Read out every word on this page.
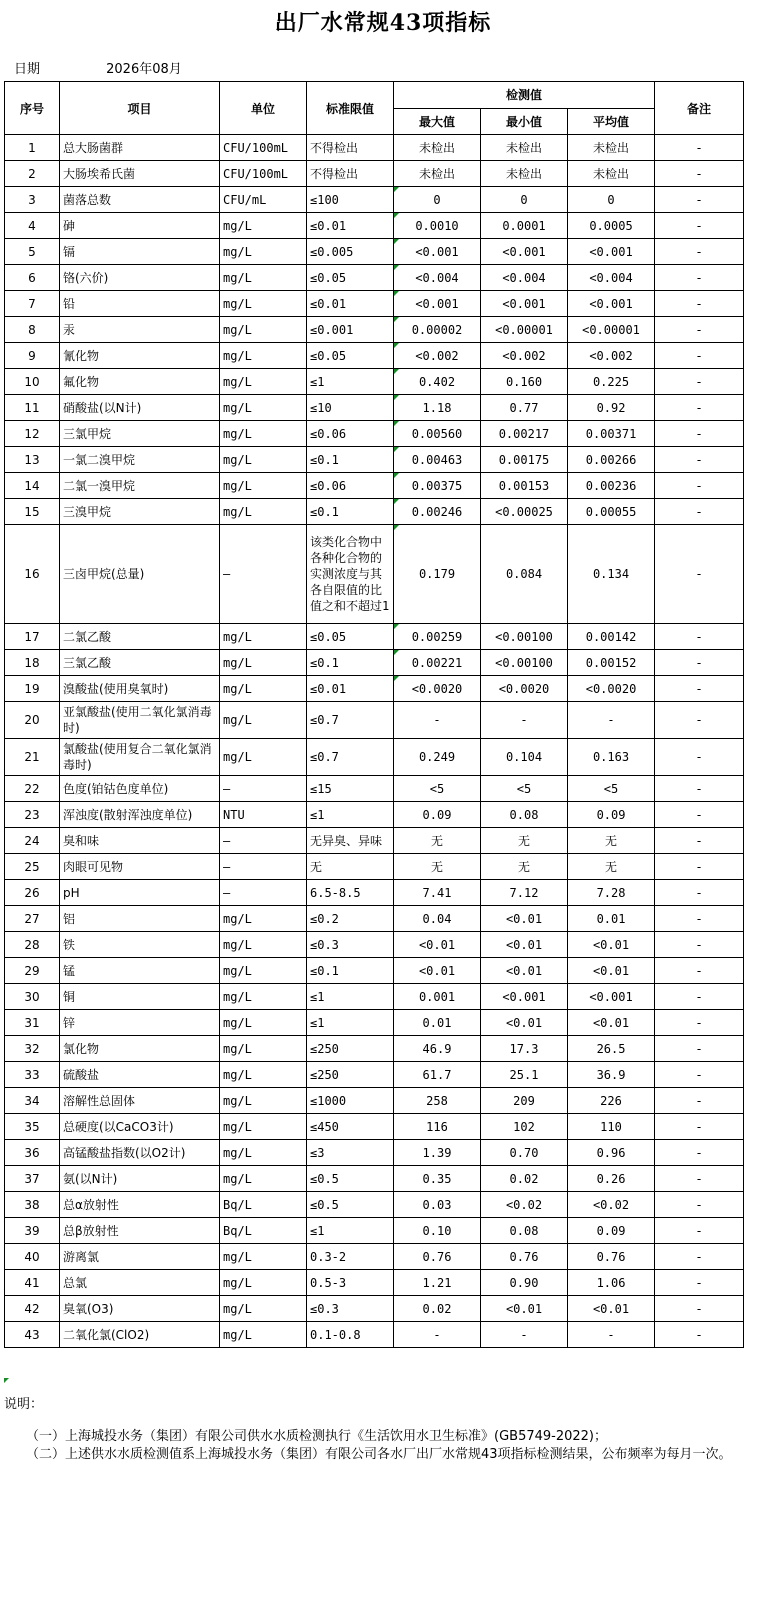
出厂水常规43项指标
日期	2026年08月
序号	项目	单位	标准限值	检测值			备注
				最大值	最小值	平均值	
1	总大肠菌群	CFU/100mL	不得检出	未检出	未检出	未检出	-
2	大肠埃希氏菌	CFU/100mL	不得检出	未检出	未检出	未检出	-
3	菌落总数	CFU/mL	≤100	0	0	0	-
4	砷	mg/L	≤0.01	0.0010	0.0001	0.0005	-
5	镉	mg/L	≤0.005	<0.001	<0.001	<0.001	-
6	铬(六价)	mg/L	≤0.05	<0.004	<0.004	<0.004	-
7	铅	mg/L	≤0.01	<0.001	<0.001	<0.001	-
8	汞	mg/L	≤0.001	0.00002	<0.00001	<0.00001	-
9	氰化物	mg/L	≤0.05	<0.002	<0.002	<0.002	-
10	氟化物	mg/L	≤1	0.402	0.160	0.225	-
11	硝酸盐(以N计)	mg/L	≤10	1.18	0.77	0.92	-
12	三氯甲烷	mg/L	≤0.06	0.00560	0.00217	0.00371	-
13	一氯二溴甲烷	mg/L	≤0.1	0.00463	0.00175	0.00266	-
14	二氯一溴甲烷	mg/L	≤0.06	0.00375	0.00153	0.00236	-
15	三溴甲烷	mg/L	≤0.1	0.00246	<0.00025	0.00055	-
16	三卤甲烷(总量)	—	该类化合物中各种化合物的实测浓度与其各自限值的比值之和不超过1	0.179	0.084	0.134	-
17	二氯乙酸	mg/L	≤0.05	0.00259	<0.00100	0.00142	-
18	三氯乙酸	mg/L	≤0.1	0.00221	<0.00100	0.00152	-
19	溴酸盐(使用臭氧时)	mg/L	≤0.01	<0.0020	<0.0020	<0.0020	-
20	亚氯酸盐(使用二氧化氯消毒时)	mg/L	≤0.7	-	-	-	-
21	氯酸盐(使用复合二氧化氯消毒时)	mg/L	≤0.7	0.249	0.104	0.163	-
22	色度(铂钴色度单位)	—	≤15	<5	<5	<5	-
23	浑浊度(散射浑浊度单位)	NTU	≤1	0.09	0.08	0.09	-
24	臭和味	—	无异臭、异味	无	无	无	-
25	肉眼可见物	—	无	无	无	无	-
26	pH	—	6.5-8.5	7.41	7.12	7.28	-
27	铝	mg/L	≤0.2	0.04	<0.01	0.01	-
28	铁	mg/L	≤0.3	<0.01	<0.01	<0.01	-
29	锰	mg/L	≤0.1	<0.01	<0.01	<0.01	-
30	铜	mg/L	≤1	0.001	<0.001	<0.001	-
31	锌	mg/L	≤1	0.01	<0.01	<0.01	-
32	氯化物	mg/L	≤250	46.9	17.3	26.5	-
33	硫酸盐	mg/L	≤250	61.7	25.1	36.9	-
34	溶解性总固体	mg/L	≤1000	258	209	226	-
35	总硬度(以CaCO3计)	mg/L	≤450	116	102	110	-
36	高锰酸盐指数(以O2计)	mg/L	≤3	1.39	0.70	0.96	-
37	氨(以N计)	mg/L	≤0.5	0.35	0.02	0.26	-
38	总α放射性	Bq/L	≤0.5	0.03	<0.02	<0.02	-
39	总β放射性	Bq/L	≤1	0.10	0.08	0.09	-
40	游离氯	mg/L	0.3-2	0.76	0.76	0.76	-
41	总氯	mg/L	0.5-3	1.21	0.90	1.06	-
42	臭氧(O3)	mg/L	≤0.3	0.02	<0.01	<0.01	-
43	二氧化氯(ClO2)	mg/L	0.1-0.8	-	-	-	-

说明：

（一）上海城投水务（集团）有限公司供水水质检测执行《生活饮用水卫生标准》(GB5749-2022)；

（二）上述供水水质检测值系上海城投水务（集团）有限公司各水厂出厂水常规43项指标检测结果，公布频率为每月一次。
